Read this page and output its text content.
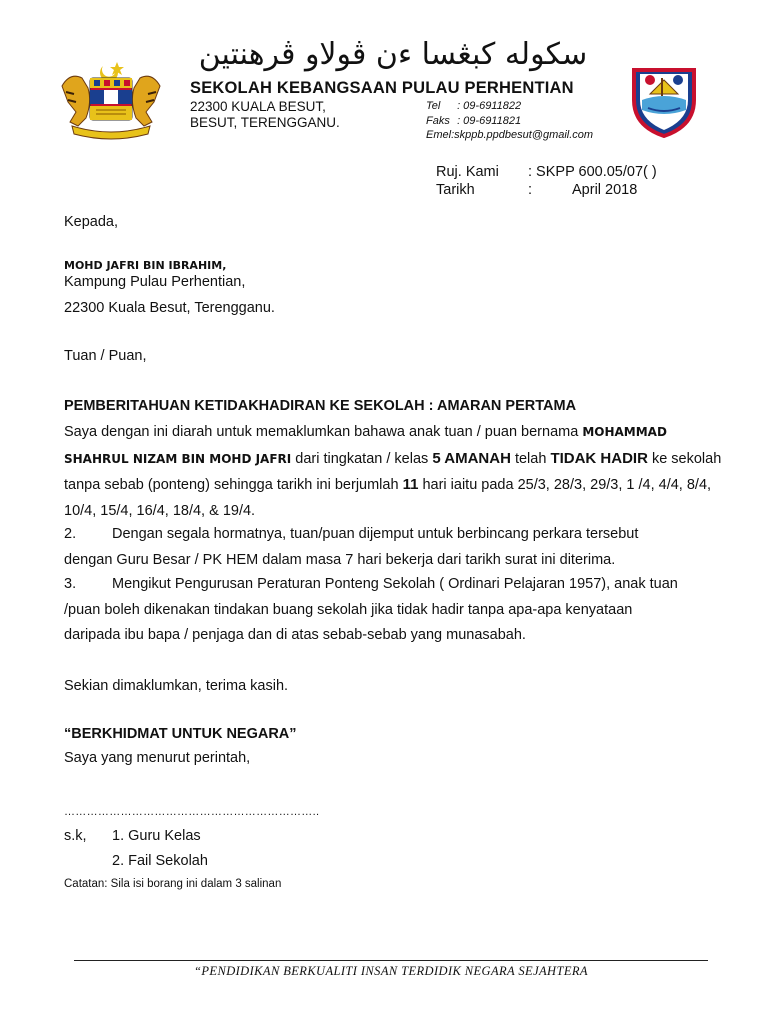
سکوله کبڠسا ءن ڤولاو ڤرهنتين
SEKOLAH KEBANGSAAN PULAU PERHENTIAN
22300 KUALA BESUT,
BESUT, TERENGGANU.
Tel : 09-6911822
Faks : 09-6911821
Emel:skppb.ppdbesut@gmail.com
Ruj. Kami : SKPP 600.05/07( )
Tarikh	:	April 2018
Kepada,
MOHD JAFRI BIN IBRAHIM,
Kampung Pulau Perhentian,
22300 Kuala Besut, Terengganu.
Tuan / Puan,
PEMBERITAHUAN KETIDAKHADIRAN KE SEKOLAH : AMARAN PERTAMA
Saya dengan ini diarah untuk memaklumkan bahawa anak tuan / puan bernama MOHAMMAD SHAHRUL NIZAM BIN MOHD JAFRI dari tingkatan / kelas 5 AMANAH telah TIDAK HADIR ke sekolah tanpa sebab (ponteng) sehingga tarikh ini berjumlah 11 hari iaitu pada 25/3, 28/3, 29/3, 1 /4, 4/4, 8/4, 10/4, 15/4, 16/4, 18/4, & 19/4.
2. Dengan segala hormatnya, tuan/puan dijemput untuk berbincang perkara tersebut
dengan Guru Besar / PK HEM dalam masa 7 hari bekerja dari tarikh surat ini diterima.
3. Mengikut Pengurusan Peraturan Ponteng Sekolah ( Ordinari Pelajaran 1957), anak tuan
/puan boleh dikenakan tindakan buang sekolah jika tidak hadir tanpa apa-apa kenyataan
daripada ibu bapa / penjaga dan di atas sebab-sebab yang munasabah.
Sekian dimaklumkan, terima kasih.
“BERKHIDMAT UNTUK NEGARA”
Saya yang menurut perintah,
…………………………………………………………..
s.k, 1. Guru Kelas
2. Fail Sekolah
Catatan: Sila isi borang ini dalam 3 salinan
“PENDIDIKAN BERKUALITI INSAN TERDIDIK NEGARA SEJAHTERA
